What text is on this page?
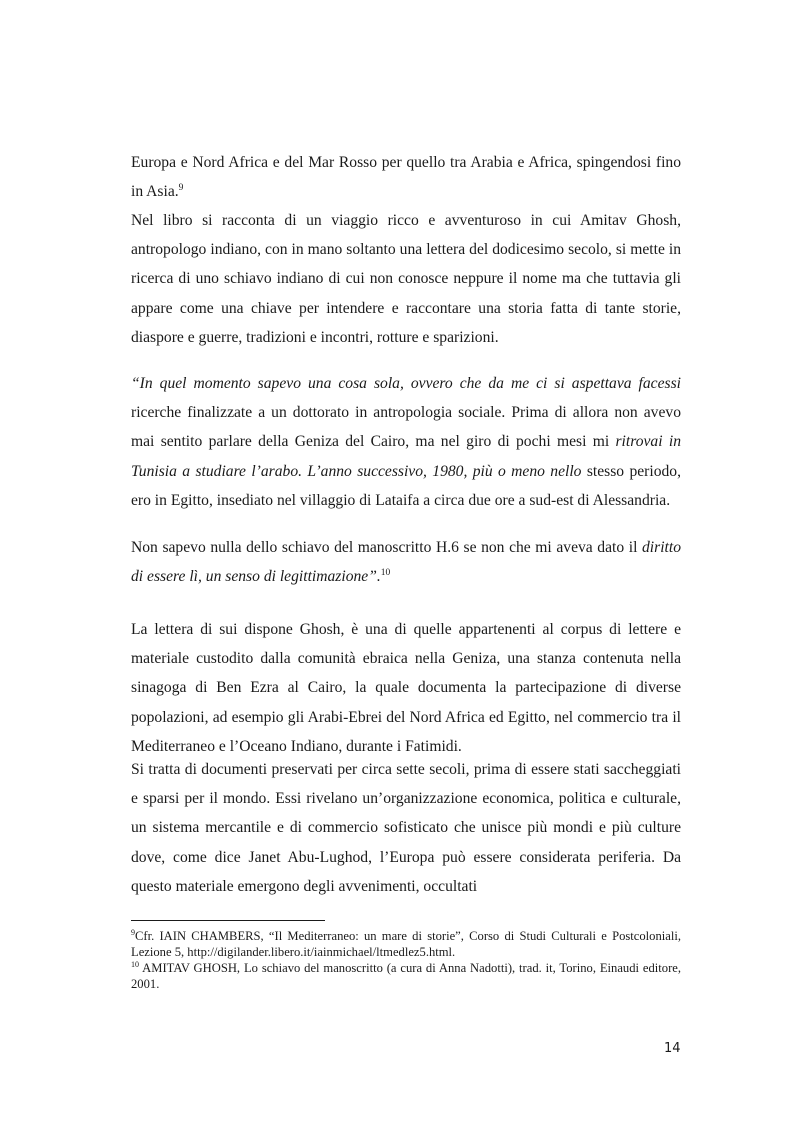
Europa e Nord Africa e del Mar Rosso per quello tra Arabia e Africa, spingendosi fino in Asia.$^9$

Nel libro si racconta di un viaggio ricco e avventuroso in cui Amitav Ghosh, antropologo indiano, con in mano soltanto una lettera del dodicesimo secolo, si mette in ricerca di uno schiavo indiano di cui non conosce neppure il nome ma che tuttavia gli appare come una chiave per intendere e raccontare una storia fatta di tante storie, diaspore e guerre, tradizioni e incontri, rotture e sparizioni.

“In quel momento sapevo una cosa sola, ovvero che da me ci si aspettava facessi ricerche finalizzate a un dottorato in antropologia sociale. Prima di allora non avevo mai sentito parlare della Geniza del Cairo, ma nel giro di pochi mesi mi ritrovai in Tunisia a studiare l’arabo. L’anno successivo, 1980, più o meno nello stesso periodo, ero in Egitto, insediato nel villaggio di Lataifa a circa due ore a sud-est di Alessandria.

Non sapevo nulla dello schiavo del manoscritto H.6 se non che mi aveva dato il diritto di essere lì, un senso di legittimazione”.$^{10}$

La lettera di sui dispone Ghosh, è una di quelle appartenenti al corpus di lettere e materiale custodito dalla comunità ebraica nella Geniza, una stanza contenuta nella sinagoga di Ben Ezra al Cairo, la quale documenta la partecipazione di diverse popolazioni, ad esempio gli Arabi-Ebrei del Nord Africa ed Egitto, nel commercio tra il Mediterraneo e l’Oceano Indiano, durante i Fatimidi.

Si tratta di documenti preservati per circa sette secoli, prima di essere stati saccheggiati e sparsi per il mondo. Essi rivelano un’organizzazione economica, politica e culturale, un sistema mercantile e di commercio sofisticato che unisce più mondi e più culture dove, come dice Janet Abu-Lughod, l’Europa può essere considerata periferia. Da questo materiale emergono degli avvenimenti, occultati

$^9$Cfr. IAIN CHAMBERS, “Il Mediterraneo: un mare di storie”, Corso di Studi Culturali e Postcoloniali, Lezione 5, http://digilander.libero.it/iainmichael/ltmedlez5.html.

$^{10}$ AMITAV GHOSH, Lo schiavo del manoscritto (a cura di Anna Nadotti), trad. it, Torino, Einaudi editore, 2001.

14
